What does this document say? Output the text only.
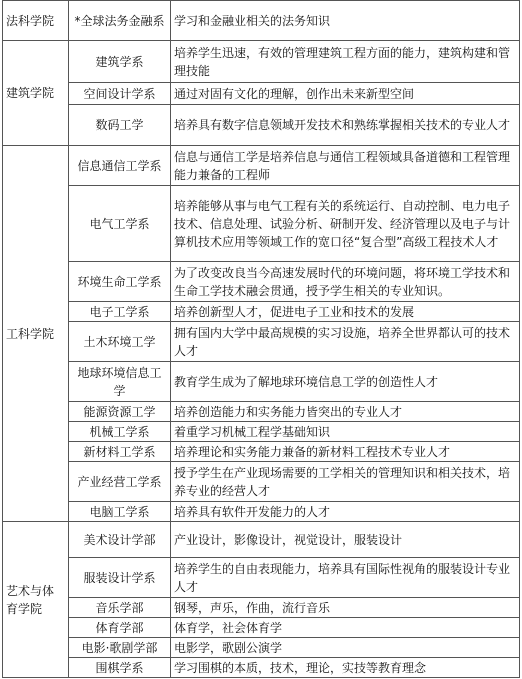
法科学院	*全球法务金融系	学习和金融业相关的法务知识
建筑学院	建筑学系	培养学生迅速，有效的管理建筑工程方面的能力，建筑构建和管理技能
	空间设计学系	通过对固有文化的理解，创作出未来新型空间
	数码工学	培养具有数字信息领域开发技术和熟练掌握相关技术的专业人才
工科学院	信息通信工学系	信息与通信工学是培养信息与通信工程领域具备道德和工程管理能力兼备的工程师
	电气工学系	培养能够从事与电气工程有关的系统运行、自动控制、电力电子技术、信息处理、试验分析、研制开发、经济管理以及电子与计算机技术应用等领域工作的宽口径“复合型”高级工程技术人才
	环境生命工学系	为了改变改良当今高速发展时代的环境问题，将环境工学技术和生命工学技术融会贯通，授予学生相关的专业知识。
	电子工学系	培养创新型人才，促进电子工业和技术的发展
	土木环境工学	拥有国内大学中最高规模的实习设施，培养全世界都认可的技术人才
	地球环境信息工学	教育学生成为了解地球环境信息工学的创造性人才
	能源资源工学	培养创造能力和实务能力皆突出的专业人才
	机械工学系	着重学习机械工程学基础知识
	新材料工学系	培养理论和实务能力兼备的新材料工程技术专业人才
	产业经营工学系	授予学生在产业现场需要的工学相关的管理知识和相关技术，培养专业的经营人才
	电脑工学系	培养具有软件开发能力的人才
艺术与体育学院	美术设计学部	产业设计，影像设计，视觉设计，服装设计
	服装设计学系	培养学生的自由表现能力，培养具有国际性视角的服装设计专业人才
	音乐学部	钢琴，声乐，作曲，流行音乐
	体育学部	体育学，社会体育学
	电影·歌剧学部	电影学，歌剧公演学
	围棋学系	学习围棋的本质，技术，理论，实技等教育理念
